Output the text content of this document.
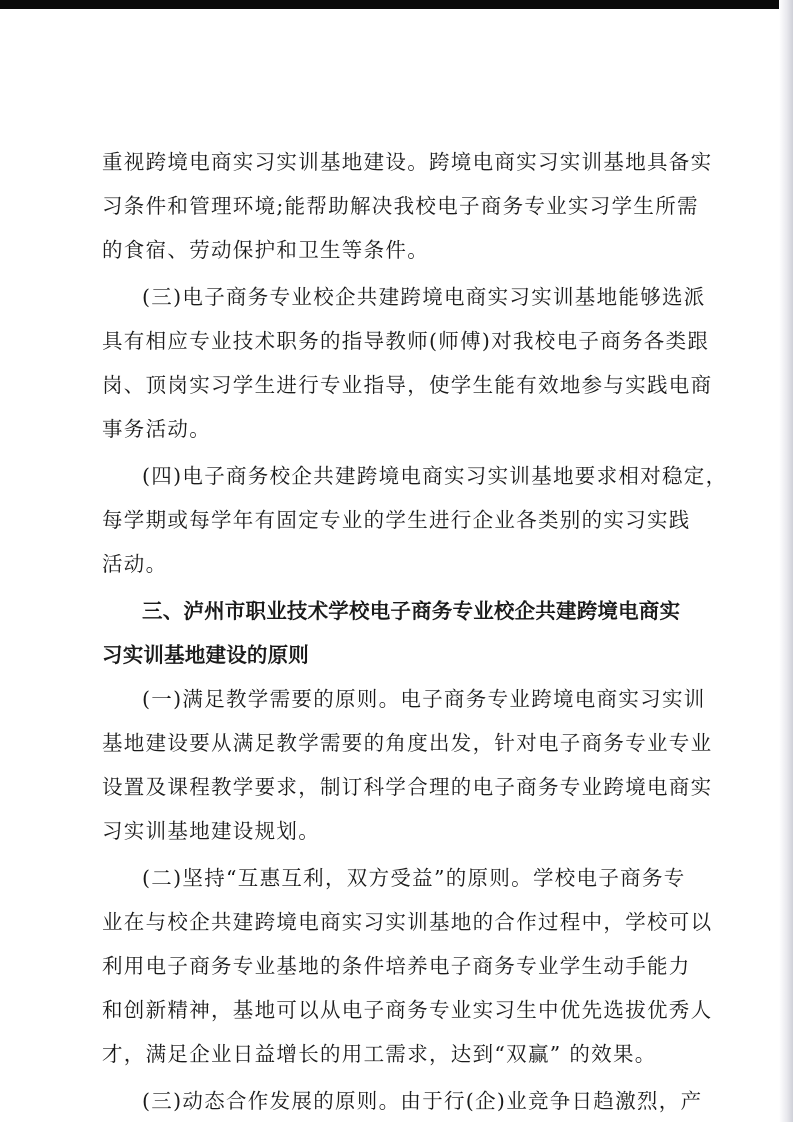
重视跨境电商实习实训基地建设。跨境电商实习实训基地具备实
习条件和管理环境;能帮助解决我校电子商务专业实习学生所需
的食宿、劳动保护和卫生等条件。
(三)电子商务专业校企共建跨境电商实习实训基地能够选派
具有相应专业技术职务的指导教师(师傅)对我校电子商务各类跟
岗、顶岗实习学生进行专业指导，使学生能有效地参与实践电商
事务活动。
(四)电子商务校企共建跨境电商实习实训基地要求相对稳定，
每学期或每学年有固定专业的学生进行企业各类别的实习实践
活动。
三、泸州市职业技术学校电子商务专业校企共建跨境电商实
习实训基地建设的原则
(一)满足教学需要的原则。电子商务专业跨境电商实习实训
基地建设要从满足教学需要的角度出发，针对电子商务专业专业
设置及课程教学要求，制订科学合理的电子商务专业跨境电商实
习实训基地建设规划。
(二)坚持“互惠互利，双方受益”的原则。学校电子商务专
业在与校企共建跨境电商实习实训基地的合作过程中，学校可以
利用电子商务专业基地的条件培养电子商务专业学生动手能力
和创新精神，基地可以从电子商务专业实习生中优先选拔优秀人
才，满足企业日益增长的用工需求，达到“双赢” 的效果。
(三)动态合作发展的原则。由于行(企)业竞争日趋激烈，产
